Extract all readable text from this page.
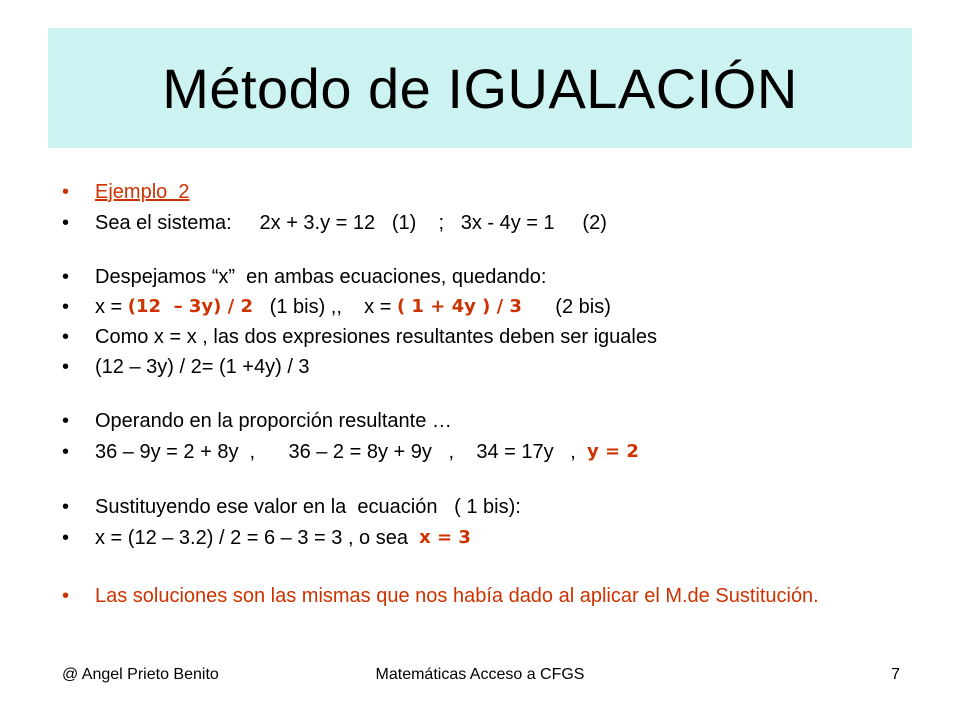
Método de IGUALACIÓN
•	Ejemplo  2
•	Sea el sistema:     2x + 3.y = 12   (1)    ;   3x - 4y = 1     (2)
•	Despejamos “x”  en ambas ecuaciones, quedando:
•	x = (12  – 3y) / 2 (1 bis) ,,    x = ( 1 + 4y ) / 3 (2 bis)
•	Como x = x , las dos expresiones resultantes deben ser iguales
•	(12 – 3y) / 2= (1 +4y) / 3
•	Operando en la proporción resultante …
•	36 – 9y = 2 + 8y  ,      36 – 2 = 8y + 9y   ,    34 = 17y   , y = 2
•	Sustituyendo ese valor en la  ecuación   ( 1 bis):
•	x = (12 – 3.2) / 2 = 6 – 3 = 3 , o sea x = 3
•	Las soluciones son las mismas que nos había dado al aplicar el M.de Sustitución.
@ Angel Prieto Benito	Matemáticas Acceso a CFGS	7
